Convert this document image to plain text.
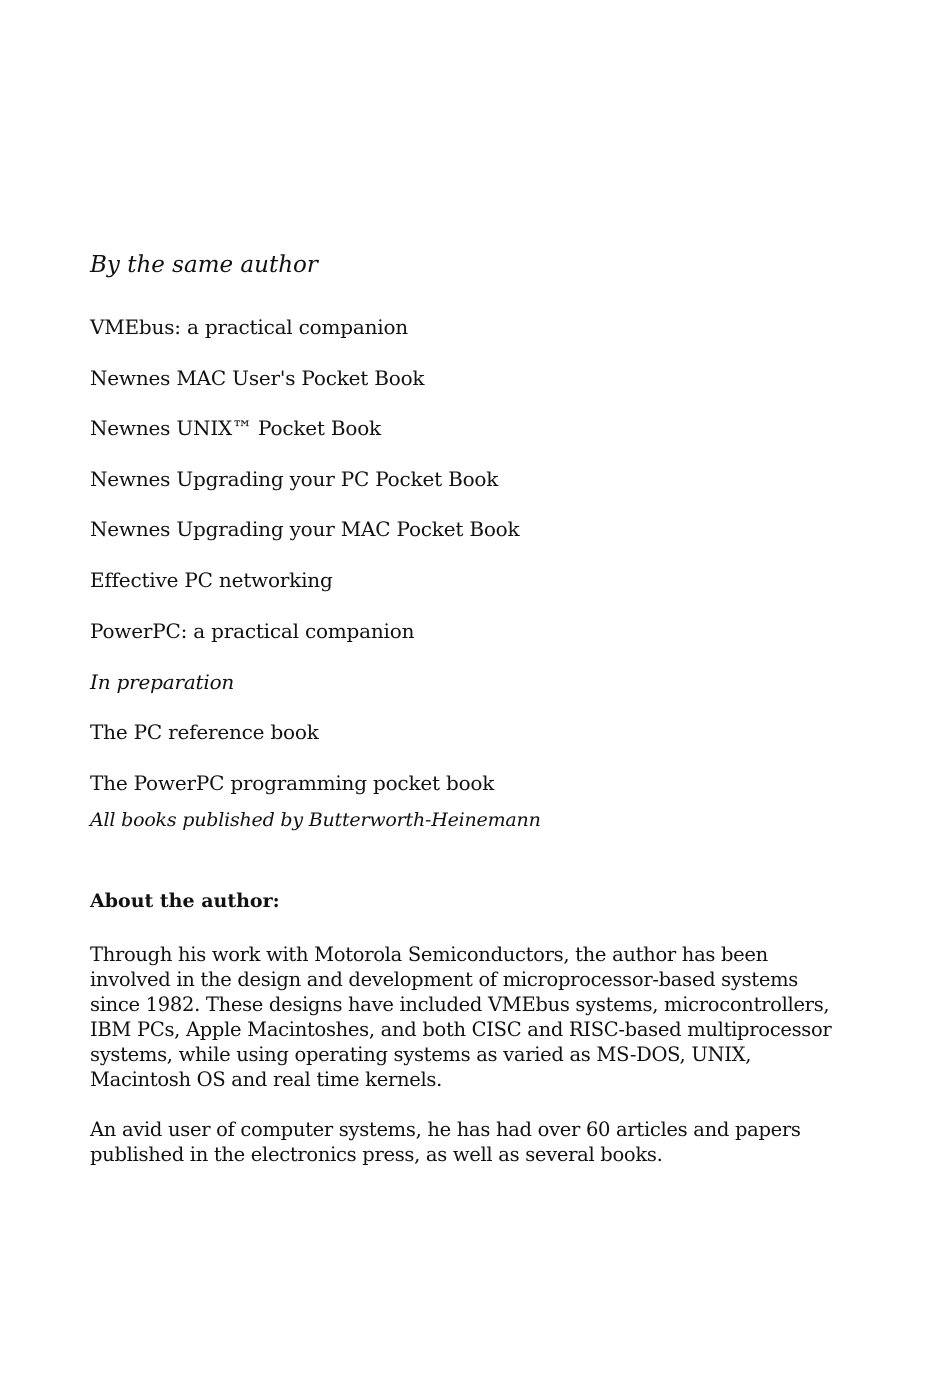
By the same author
VMEbus: a practical companion
Newnes MAC User's Pocket Book
Newnes UNIX™ Pocket Book
Newnes Upgrading your PC Pocket Book
Newnes Upgrading your MAC Pocket Book
Effective PC networking
PowerPC: a practical companion
In preparation
The PC reference book
The PowerPC programming pocket book
All books published by Butterworth-Heinemann
About the author:
Through his work with Motorola Semiconductors, the author has been
involved in the design and development of microprocessor-based systems
since 1982. These designs have included VMEbus systems, microcontrollers,
IBM PCs, Apple Macintoshes, and both CISC and RISC-based multiprocessor
systems, while using operating systems as varied as MS-DOS, UNIX,
Macintosh OS and real time kernels.
An avid user of computer systems, he has had over 60 articles and papers
published in the electronics press, as well as several books.
